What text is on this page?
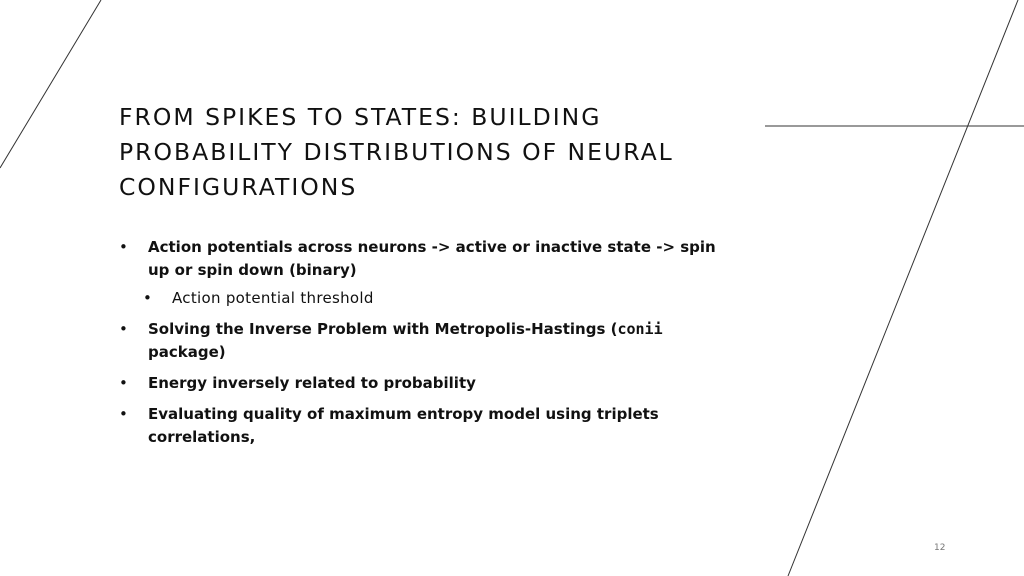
FROM SPIKES TO STATES: BUILDING PROBABILITY DISTRIBUTIONS OF NEURAL CONFIGURATIONS
• Action potentials across neurons -> active or inactive state -> spin up or spin down (binary)
• Action potential threshold
• Solving the Inverse Problem with Metropolis-Hastings (conii package)
• Energy inversely related to probability
• Evaluating quality of maximum entropy model using triplets correlations,
12
